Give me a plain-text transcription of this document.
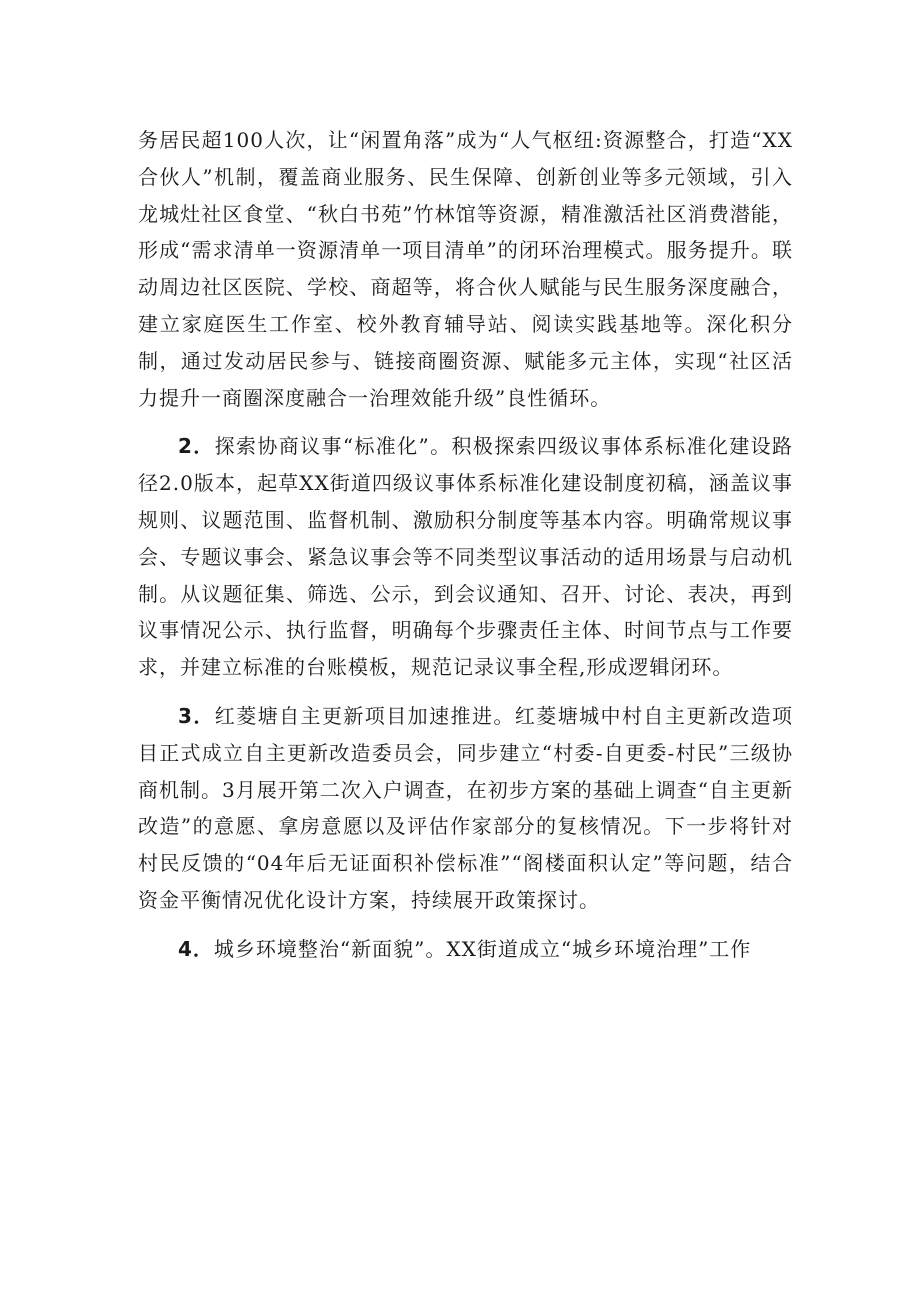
务居民超100人次，让“闲置角落”成为“人气枢纽:资源整合，打造“XX合伙人”机制，覆盖商业服务、民生保障、创新创业等多元领域，引入龙城灶社区食堂、“秋白书苑”竹林馆等资源，精准激活社区消费潜能，形成“需求清单一资源清单一项目清单”的闭环治理模式。服务提升。联动周边社区医院、学校、商超等，将合伙人赋能与民生服务深度融合，建立家庭医生工作室、校外教育辅导站、阅读实践基地等。深化积分制，通过发动居民参与、链接商圈资源、赋能多元主体，实现“社区活力提升一商圈深度融合一治理效能升级”良性循环。

2．探索协商议事“标准化”。积极探索四级议事体系标准化建设路径2.0版本，起草XX街道四级议事体系标准化建设制度初稿，涵盖议事规则、议题范围、监督机制、激励积分制度等基本内容。明确常规议事会、专题议事会、紧急议事会等不同类型议事活动的适用场景与启动机制。从议题征集、筛选、公示，到会议通知、召开、讨论、表决，再到议事情况公示、执行监督，明确每个步骤责任主体、时间节点与工作要求，并建立标准的台账模板，规范记录议事全程,形成逻辑闭环。

3．红菱塘自主更新项目加速推进。红菱塘城中村自主更新改造项目正式成立自主更新改造委员会，同步建立“村委-自更委-村民”三级协商机制。3月展开第二次入户调查，在初步方案的基础上调查“自主更新改造”的意愿、拿房意愿以及评估作家部分的复核情况。下一步将针对村民反馈的“04年后无证面积补偿标准”“阁楼面积认定”等问题，结合资金平衡情况优化设计方案，持续展开政策探讨。

4．城乡环境整治“新面貌”。XX街道成立“城乡环境治理”工作
